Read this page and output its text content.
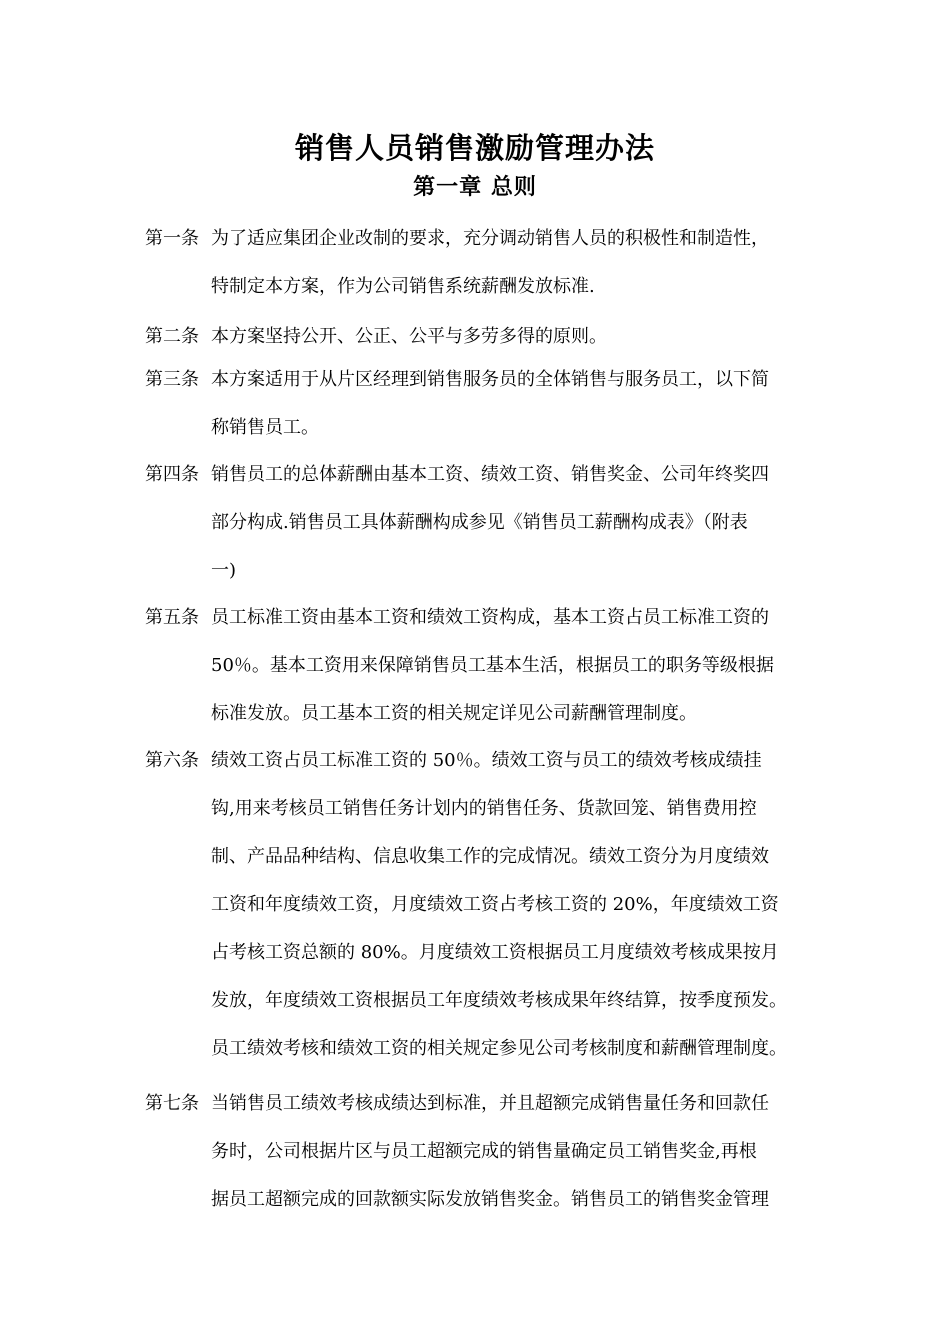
销售人员销售激励管理办法
第一章 总则
第一条 为了适应集团企业改制的要求，充分调动销售人员的积极性和制造性，
特制定本方案，作为公司销售系统薪酬发放标准.
第二条 本方案坚持公开、公正、公平与多劳多得的原则。
第三条 本方案适用于从片区经理到销售服务员的全体销售与服务员工，以下简
称销售员工。
第四条 销售员工的总体薪酬由基本工资、绩效工资、销售奖金、公司年终奖四
部分构成.销售员工具体薪酬构成参见《销售员工薪酬构成表》（附表
一)
第五条 员工标准工资由基本工资和绩效工资构成，基本工资占员工标准工资的
50％。基本工资用来保障销售员工基本生活，根据员工的职务等级根据
标准发放。员工基本工资的相关规定详见公司薪酬管理制度。
第六条 绩效工资占员工标准工资的 50％。绩效工资与员工的绩效考核成绩挂
钩,用来考核员工销售任务计划内的销售任务、货款回笼、销售费用控
制、产品品种结构、信息收集工作的完成情况。绩效工资分为月度绩效
工资和年度绩效工资，月度绩效工资占考核工资的 20%，年度绩效工资
占考核工资总额的 80%。月度绩效工资根据员工月度绩效考核成果按月
发放，年度绩效工资根据员工年度绩效考核成果年终结算，按季度预发。
员工绩效考核和绩效工资的相关规定参见公司考核制度和薪酬管理制度。
第七条 当销售员工绩效考核成绩达到标准，并且超额完成销售量任务和回款任
务时，公司根据片区与员工超额完成的销售量确定员工销售奖金,再根
据员工超额完成的回款额实际发放销售奖金。销售员工的销售奖金管理
